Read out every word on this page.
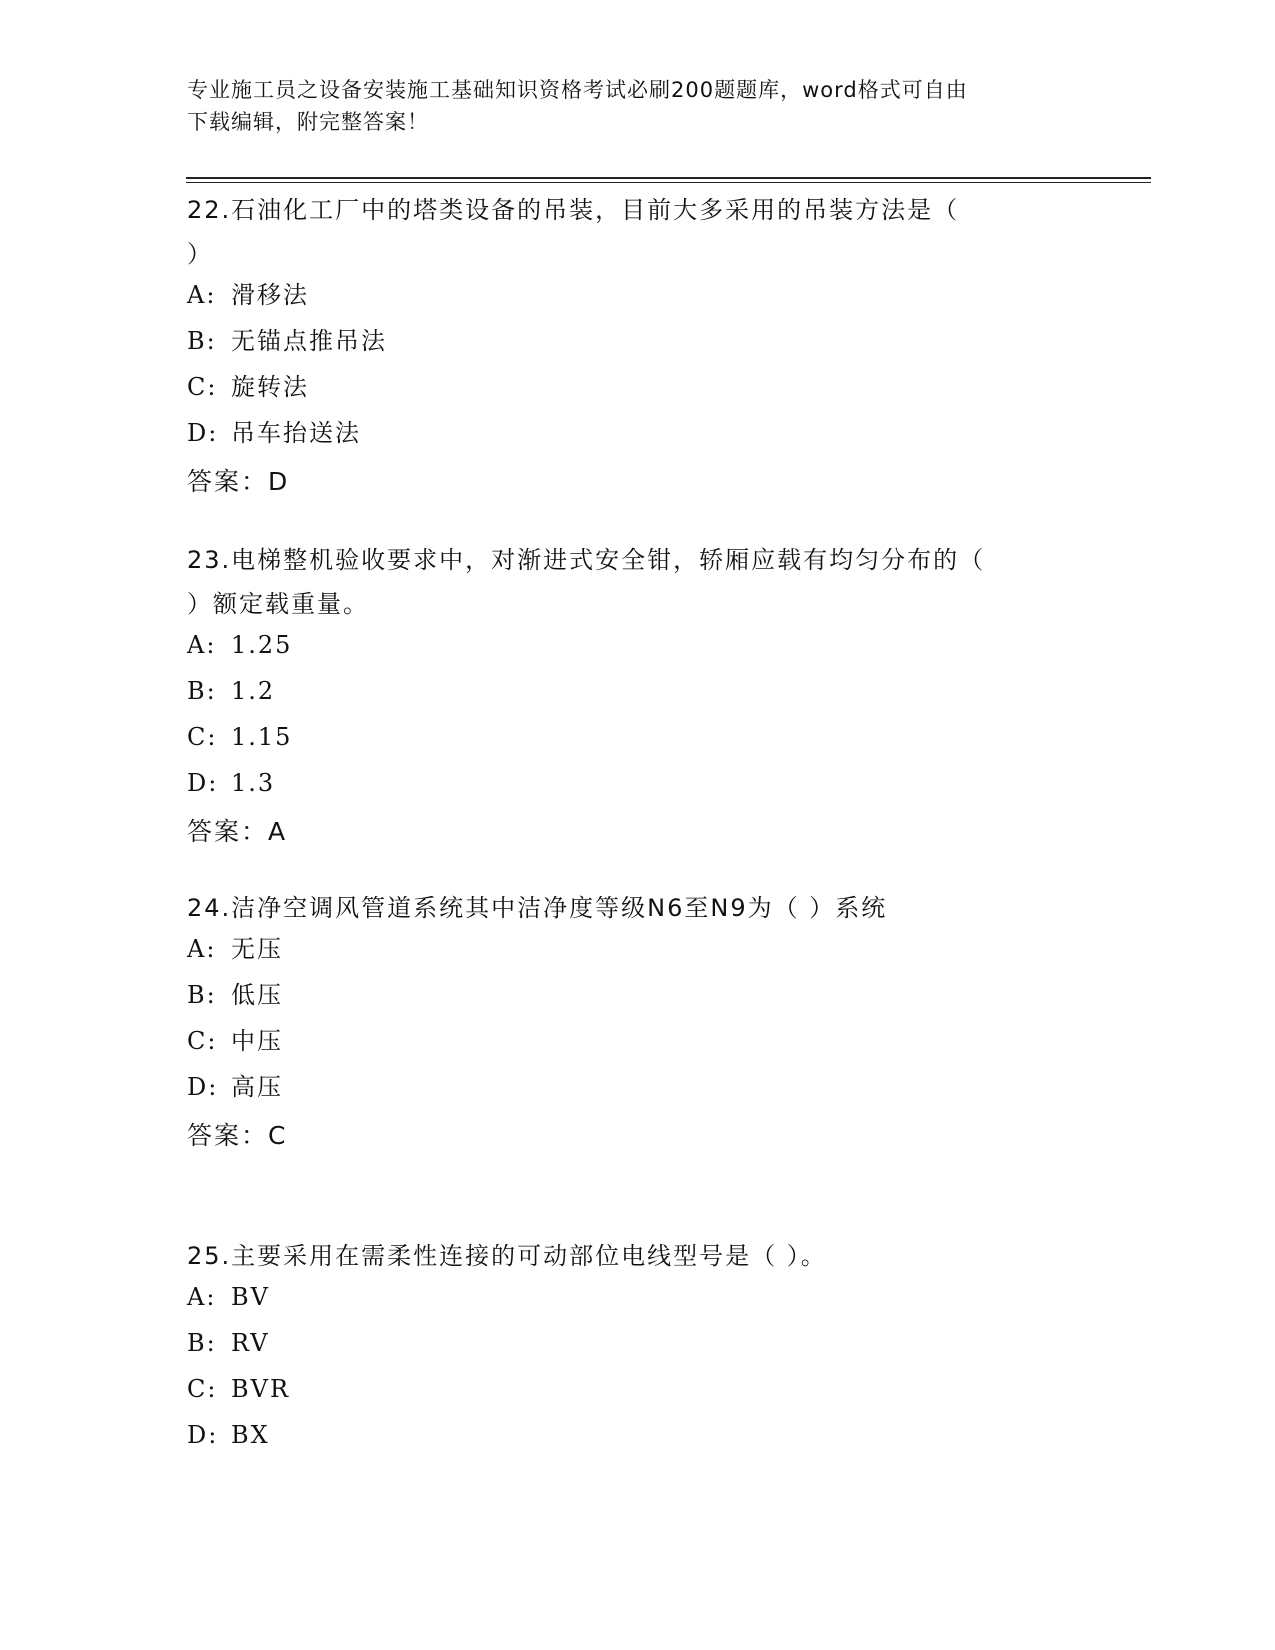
专业施工员之设备安装施工基础知识资格考试必刷200题题库，word格式可自由
下载编辑，附完整答案！

22.石油化工厂中的塔类设备的吊装，目前大多采用的吊装方法是（

）

A: 滑移法
B: 无锚点推吊法
C: 旋转法
D: 吊车抬送法

答案：D

23.电梯整机验收要求中，对渐进式安全钳，轿厢应载有均匀分布的（

）额定载重量。

A: 1.25
B: 1.2
C: 1.15
D: 1.3

答案：A

24.洁净空调风管道系统其中洁净度等级N6至N9为（ ）系统

A: 无压
B: 低压
C: 中压
D: 高压

答案：C

25.主要采用在需柔性连接的可动部位电线型号是（ ）。

A: BV
B: RV
C: BVR
D: BX
